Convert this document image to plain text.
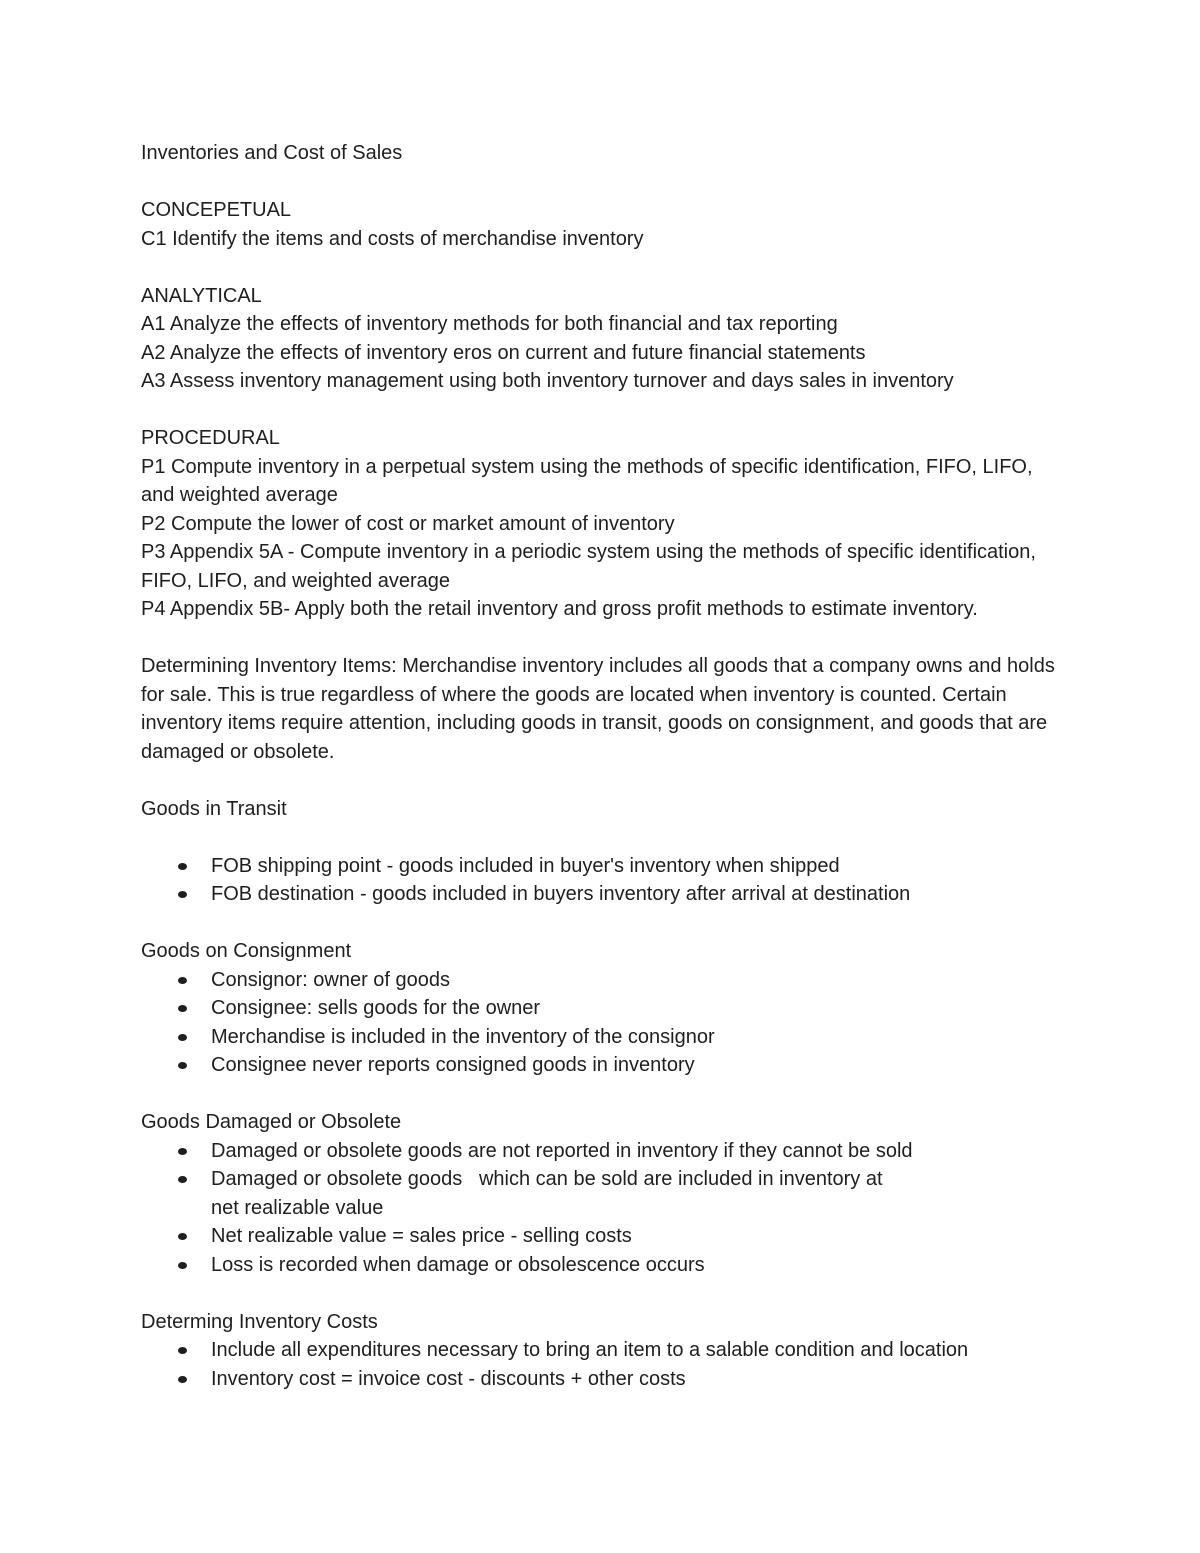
Inventories and Cost of Sales

CONCEPETUAL

C1 Identify the items and costs of merchandise inventory

ANALYTICAL

A1 Analyze the effects of inventory methods for both financial and tax reporting

A2 Analyze the effects of inventory eros on current and future financial statements

A3 Assess inventory management using both inventory turnover and days sales in inventory

PROCEDURAL

P1 Compute inventory in a perpetual system using the methods of specific identification, FIFO, LIFO, and weighted average

P2 Compute the lower of cost or market amount of inventory

P3 Appendix 5A - Compute inventory in a periodic system using the methods of specific identification, FIFO, LIFO, and weighted average

P4 Appendix 5B- Apply both the retail inventory and gross profit methods to estimate inventory.

Determining Inventory Items: Merchandise inventory includes all goods that a company owns and holds for sale. This is true regardless of where the goods are located when inventory is counted. Certain inventory items require attention, including goods in transit, goods on consignment, and goods that are damaged or obsolete.

Goods in Transit

FOB shipping point - goods included in buyer's inventory when shipped
FOB destination - goods included in buyers inventory after arrival at destination

Goods on Consignment

Consignor: owner of goods
Consignee: sells goods for the owner
Merchandise is included in the inventory of the consignor
Consignee never reports consigned goods in inventory

Goods Damaged or Obsolete

Damaged or obsolete goods are not reported in inventory if they cannot be sold
Damaged or obsolete goods   which can be sold are included in inventory at net realizable value
Net realizable value = sales price - selling costs
Loss is recorded when damage or obsolescence occurs

Determing Inventory Costs

Include all expenditures necessary to bring an item to a salable condition and location
Inventory cost = invoice cost - discounts + other costs
